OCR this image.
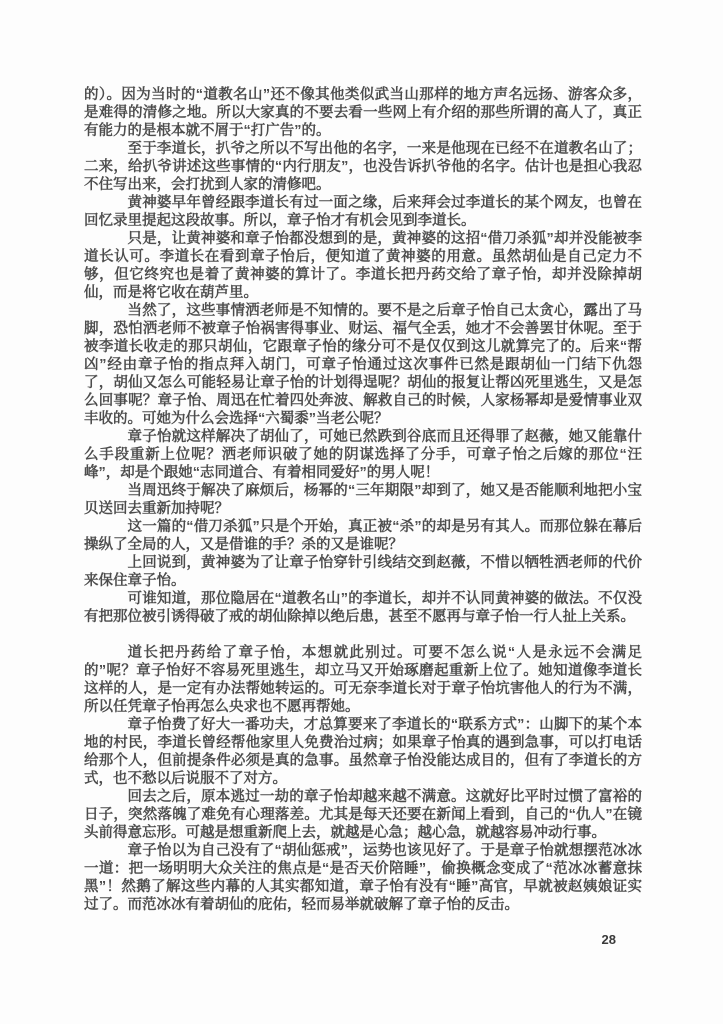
的）。因为当时的“道教名山”还不像其他类似武当山那样的地方声名远扬、游客众多，是难得的清修之地。所以大家真的不要去看一些网上有介绍的那些所谓的高人了，真正有能力的是根本就不屑于“打广告”的。

至于李道长，扒爷之所以不写出他的名字，一来是他现在已经不在道教名山了；二来，给扒爷讲述这些事情的“内行朋友”，也没告诉扒爷他的名字。估计也是担心我忍不住写出来，会打扰到人家的清修吧。

黄神婆早年曾经跟李道长有过一面之缘，后来拜会过李道长的某个网友，也曾在回忆录里提起这段故事。所以，章子怡才有机会见到李道长。

只是，让黄神婆和章子怡都没想到的是，黄神婆的这招“借刀杀狐”却并没能被李道长认可。李道长在看到章子怡后，便知道了黄神婆的用意。虽然胡仙是自己定力不够，但它终究也是着了黄神婆的算计了。李道长把丹药交给了章子怡，却并没除掉胡仙，而是将它收在葫芦里。

当然了，这些事情洒老师是不知情的。要不是之后章子怡自己太贪心，露出了马脚，恐怕洒老师不被章子怡祸害得事业、财运、福气全丢，她才不会善罢甘休呢。至于被李道长收走的那只胡仙，它跟章子怡的缘分可不是仅仅到这儿就算完了的。后来“帮凶”经由章子怡的指点拜入胡门，可章子怡通过这次事件已然是跟胡仙一门结下仇怨了，胡仙又怎么可能轻易让章子怡的计划得逞呢？胡仙的报复让帮凶死里逃生，又是怎么回事呢？章子怡、周迅在忙着四处奔波、解救自己的时候，人家杨幂却是爱情事业双丰收的。可她为什么会选择“六蜀黍”当老公呢？

章子怡就这样解决了胡仙了，可她已然跌到谷底而且还得罪了赵薇，她又能靠什么手段重新上位呢？洒老师识破了她的阴谋选择了分手，可章子怡之后嫁的那位“汪峰”，却是个跟她“志同道合、有着相同爱好”的男人呢！

当周迅终于解决了麻烦后，杨幂的“三年期限”却到了，她又是否能顺利地把小宝贝送回去重新加持呢？

这一篇的“借刀杀狐”只是个开始，真正被“杀”的却是另有其人。而那位躲在幕后操纵了全局的人，又是借谁的手？杀的又是谁呢？

上回说到，黄神婆为了让章子怡穿针引线结交到赵薇，不惜以牺牲洒老师的代价来保住章子怡。

可谁知道，那位隐居在“道教名山”的李道长，却并不认同黄神婆的做法。不仅没有把那位被引诱得破了戒的胡仙除掉以绝后患，甚至不愿再与章子怡一行人扯上关系。

道长把丹药给了章子怡，本想就此别过。可要不怎么说“人是永远不会满足的”呢？章子怡好不容易死里逃生，却立马又开始琢磨起重新上位了。她知道像李道长这样的人，是一定有办法帮她转运的。可无奈李道长对于章子怡坑害他人的行为不满，所以任凭章子怡再怎么央求也不愿再帮她。

章子怡费了好大一番功夫，才总算要来了李道长的“联系方式”：山脚下的某个本地的村民，李道长曾经帮他家里人免费治过病；如果章子怡真的遇到急事，可以打电话给那个人，但前提条件必须是真的急事。虽然章子怡没能达成目的，但有了李道长的方式，也不愁以后说服不了对方。

回去之后，原本逃过一劫的章子怡却越来越不满意。这就好比平时过惯了富裕的日子，突然落魄了难免有心理落差。尤其是每天还要在新闻上看到，自己的“仇人”在镜头前得意忘形。可越是想重新爬上去，就越是心急；越心急，就越容易冲动行事。

章子怡以为自己没有了“胡仙惩戒”，运势也该见好了。于是章子怡就想摆范冰冰一道：把一场明明大众关注的焦点是“是否天价陪睡”，偷换概念变成了“范冰冰蓄意抹黑”！然鹅了解这些内幕的人其实都知道，章子怡有没有“睡”高官，早就被赵姨娘证实过了。而范冰冰有着胡仙的庇佑，轻而易举就破解了章子怡的反击。

28
